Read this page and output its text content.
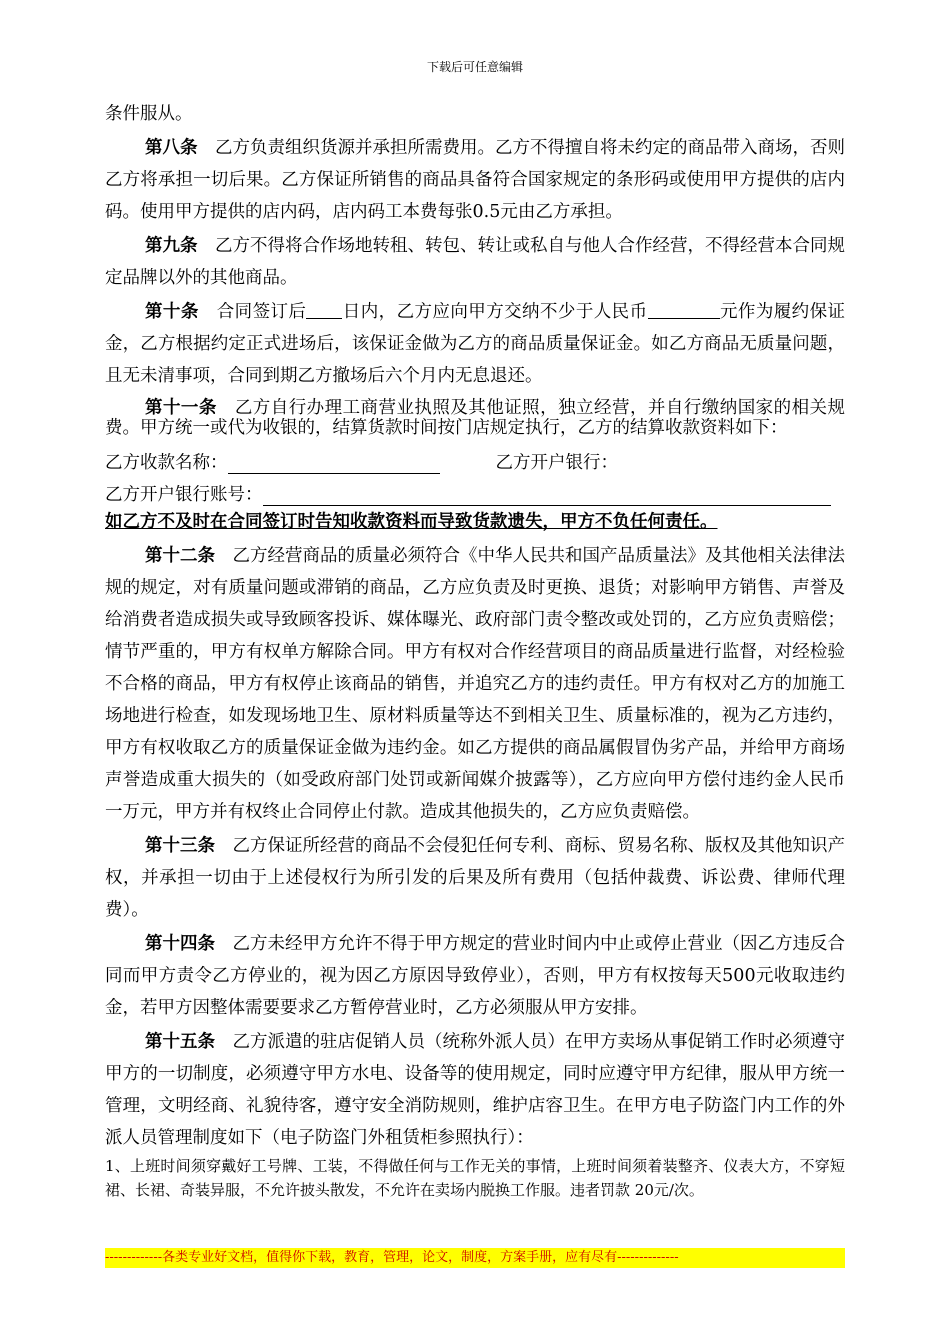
下载后可任意编辑

条件服从。

第八条　 乙方负责组织货源并承担所需费用。乙方不得擅自将未约定的商品带入商场，否则乙方将承担一切后果。乙方保证所销售的商品具备符合国家规定的条形码或使用甲方提供的店内码。使用甲方提供的店内码，店内码工本费每张0.5元由乙方承担。

第九条　 乙方不得将合作场地转租、转包、转让或私自与他人合作经营，不得经营本合同规定品牌以外的其他商品。

第十条　 合同签订后 日内，乙方应向甲方交纳不少于人民币	元作为履约保证金，乙方根据约定正式进场后，该保证金做为乙方的商品质量保证金。如乙方商品无质量问题，且无未清事项，合同到期乙方撤场后六个月内无息退还。

第十一条　 乙方自行办理工商营业执照及其他证照，独立经营，并自行缴纳国家的相关规费。甲方统一或代为收银的，结算货款时间按门店规定执行，乙方的结算收款资料如下：

乙方收款名称：	乙方开户银行：
乙方开户银行账号：
如乙方不及时在合同签订时告知收款资料而导致货款遗失，甲方不负任何责任。

第十二条　 乙方经营商品的质量必须符合《中华人民共和国产品质量法》及其他相关法律法规的规定，对有质量问题或滞销的商品，乙方应负责及时更换、退货；对影响甲方销售、声誉及给消费者造成损失或导致顾客投诉、媒体曝光、政府部门责令整改或处罚的，乙方应负责赔偿；情节严重的，甲方有权单方解除合同。甲方有权对合作经营项目的商品质量进行监督，对经检验不合格的商品，甲方有权停止该商品的销售，并追究乙方的违约责任。甲方有权对乙方的加施工场地进行检查，如发现场地卫生、原材料质量等达不到相关卫生、质量标准的，视为乙方违约，甲方有权收取乙方的质量保证金做为违约金。如乙方提供的商品属假冒伪劣产品，并给甲方商场声誉造成重大损失的（如受政府部门处罚或新闻媒介披露等），乙方应向甲方偿付违约金人民币一万元，甲方并有权终止合同停止付款。造成其他损失的，乙方应负责赔偿。

第十三条　 乙方保证所经营的商品不会侵犯任何专利、商标、贸易名称、版权及其他知识产权，并承担一切由于上述侵权行为所引发的后果及所有费用（包括仲裁费、诉讼费、律师代理费）。

第十四条　 乙方未经甲方允许不得于甲方规定的营业时间内中止或停止营业（因乙方违反合同而甲方责令乙方停业的，视为因乙方原因导致停业），否则，甲方有权按每天500元收取违约金，若甲方因整体需要要求乙方暂停营业时，乙方必须服从甲方安排。

第十五条　 乙方派遣的驻店促销人员（统称外派人员）在甲方卖场从事促销工作时必须遵守甲方的一切制度，必须遵守甲方水电、设备等的使用规定，同时应遵守甲方纪律，服从甲方统一管理，文明经商、礼貌待客，遵守安全消防规则，维护店容卫生。在甲方电子防盗门内工作的外派人员管理制度如下（电子防盗门外租赁柜参照执行）：

1、上班时间须穿戴好工号牌、工装，不得做任何与工作无关的事情，上班时间须着装整齐、仪表大方，不穿短裙、长裙、奇装异服，不允许披头散发，不允许在卖场内脱换工作服。违者罚款 20元/次。

-------------各类专业好文档，值得你下载，教育，管理，论文，制度，方案手册，应有尽有--------------
